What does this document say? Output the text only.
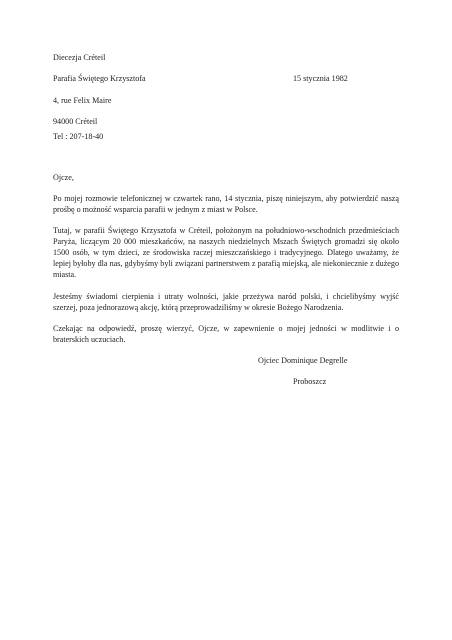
Diecezja Créteil
Parafia Świętego Krzysztofa	15 stycznia 1982
4, rue Felix Maire
94000 Créteil
Tel : 207-18-40
Ojcze,
Po mojej rozmowie telefonicznej w czwartek rano, 14 stycznia, piszę niniejszym, aby potwierdzić naszą prośbę o możność wsparcia parafii w jednym z miast w Polsce.
Tutaj, w parafii Świętego Krzysztofa w Créteil, położonym na południowo-wschodnich przedmieściach Paryża, liczącym 20 000 mieszkańców, na naszych niedzielnych Mszach Świętych gromadzi się około 1500 osób, w tym dzieci, ze środowiska raczej mieszczańskiego i tradycyjnego. Dlatego uważamy, że lepiej byłoby dla nas, gdybyśmy byli związani partnerstwem z parafią miejską, ale niekoniecznie z dużego miasta.
Jesteśmy świadomi cierpienia i utraty wolności, jakie przeżywa naród polski, i chcielibyśmy wyjść szerzej, poza jednorazową akcję, którą przeprowadziliśmy w okresie Bożego Narodzenia.
Czekając na odpowiedź, proszę wierzyć, Ojcze, w zapewnienie o mojej jedności w modlitwie i o braterskich uczuciach.
Ojciec Dominique Degrelle
Proboszcz
